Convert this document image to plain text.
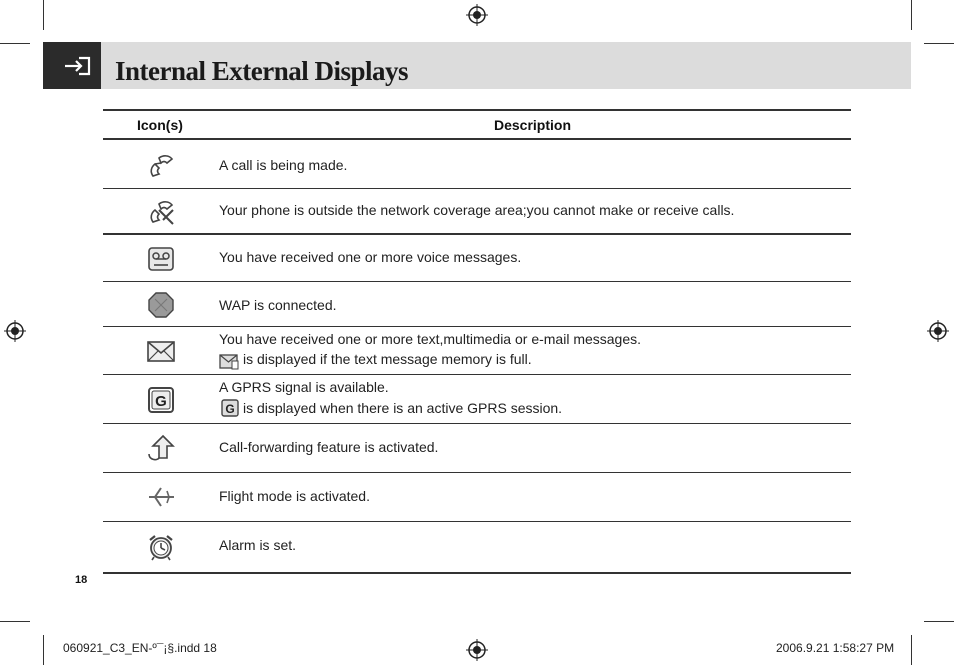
Internal External Displays
Icon(s)	Description
A call is being made.
Your phone is outside the network coverage area;you cannot make or receive calls.
You have received one or more voice messages.
WAP is connected.
You have received one or more text,multimedia or e-mail messages.
is displayed if the text message memory is full.
G
A GPRS signal is available.
G is displayed when there is an active GPRS session.
Call-forwarding feature is activated.
Flight mode is activated.
Alarm is set.
18
060921_C3_EN-º¯¡§.indd 18	2006.9.21 1:58:27 PM
